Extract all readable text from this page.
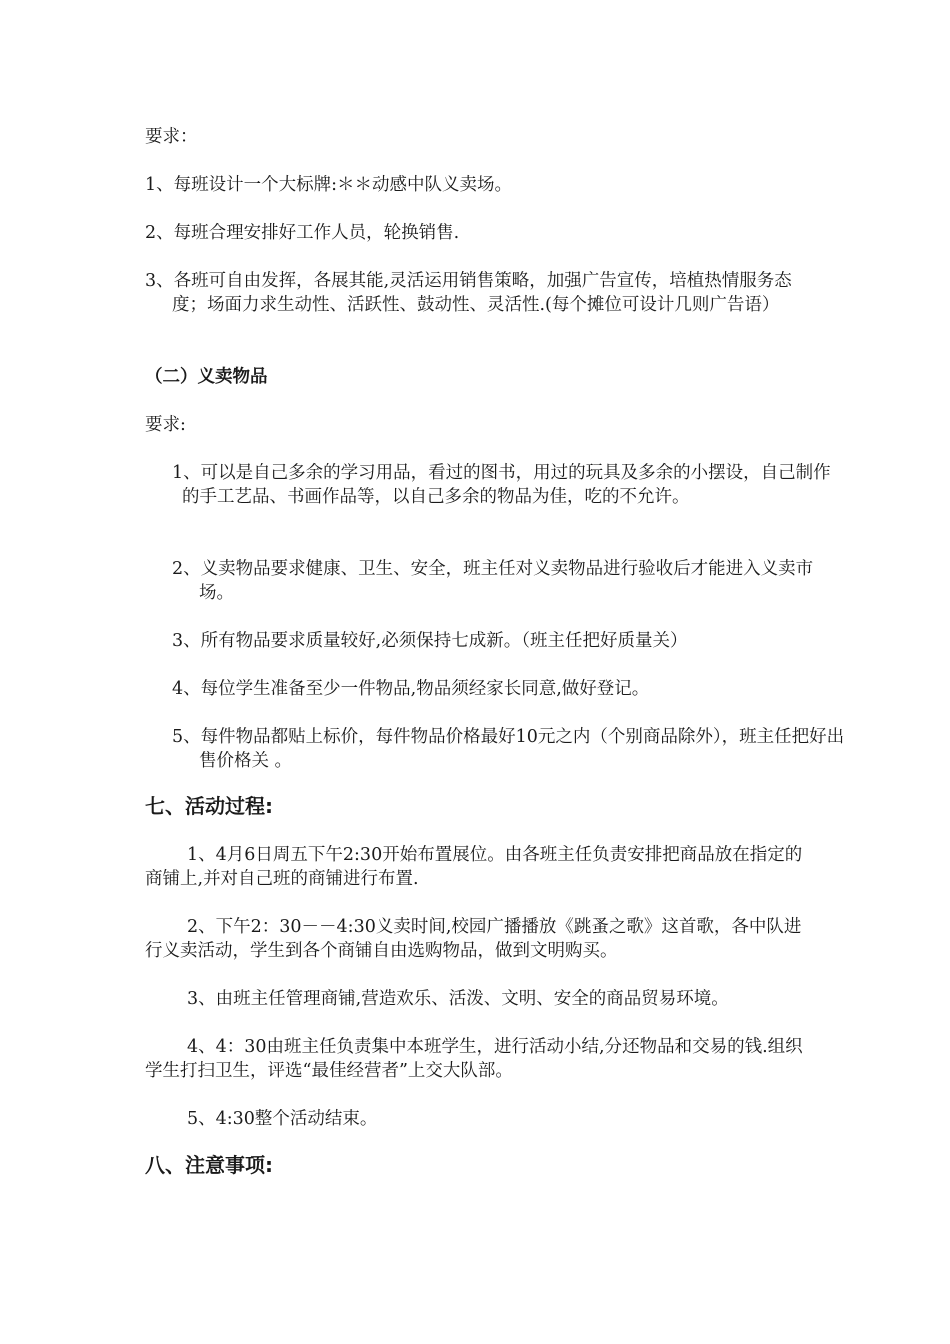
要求：

1、每班设计一个大标牌:＊＊动感中队义卖场。

2、每班合理安排好工作人员，轮换销售.

3、各班可自由发挥，各展其能,灵活运用销售策略，加强广告宣传，培植热情服务态度；场面力求生动性、活跃性、鼓动性、灵活性.(每个摊位可设计几则广告语）

（二）义卖物品

要求:

1、可以是自己多余的学习用品，看过的图书，用过的玩具及多余的小摆设，自己制作的手工艺品、书画作品等，以自己多余的物品为佳，吃的不允许。

2、义卖物品要求健康、卫生、安全，班主任对义卖物品进行验收后才能进入义卖市场。

3、所有物品要求质量较好,必须保持七成新。（班主任把好质量关）

4、每位学生准备至少一件物品,物品须经家长同意,做好登记。

5、每件物品都贴上标价，每件物品价格最好10元之内（个别商品除外），班主任把好出售价格关 。

七、活动过程:

1、4月6日周五下午2:30开始布置展位。由各班主任负责安排把商品放在指定的商铺上,并对自己班的商铺进行布置.

2、下午2：30－－4:30义卖时间,校园广播播放《跳蚤之歌》这首歌，各中队进行义卖活动，学生到各个商铺自由选购物品，做到文明购买。

3、由班主任管理商铺,营造欢乐、活泼、文明、安全的商品贸易环境。

4、4：30由班主任负责集中本班学生，进行活动小结,分还物品和交易的钱.组织学生打扫卫生，评选“最佳经营者”上交大队部。

5、4:30整个活动结束。

八、注意事项:
